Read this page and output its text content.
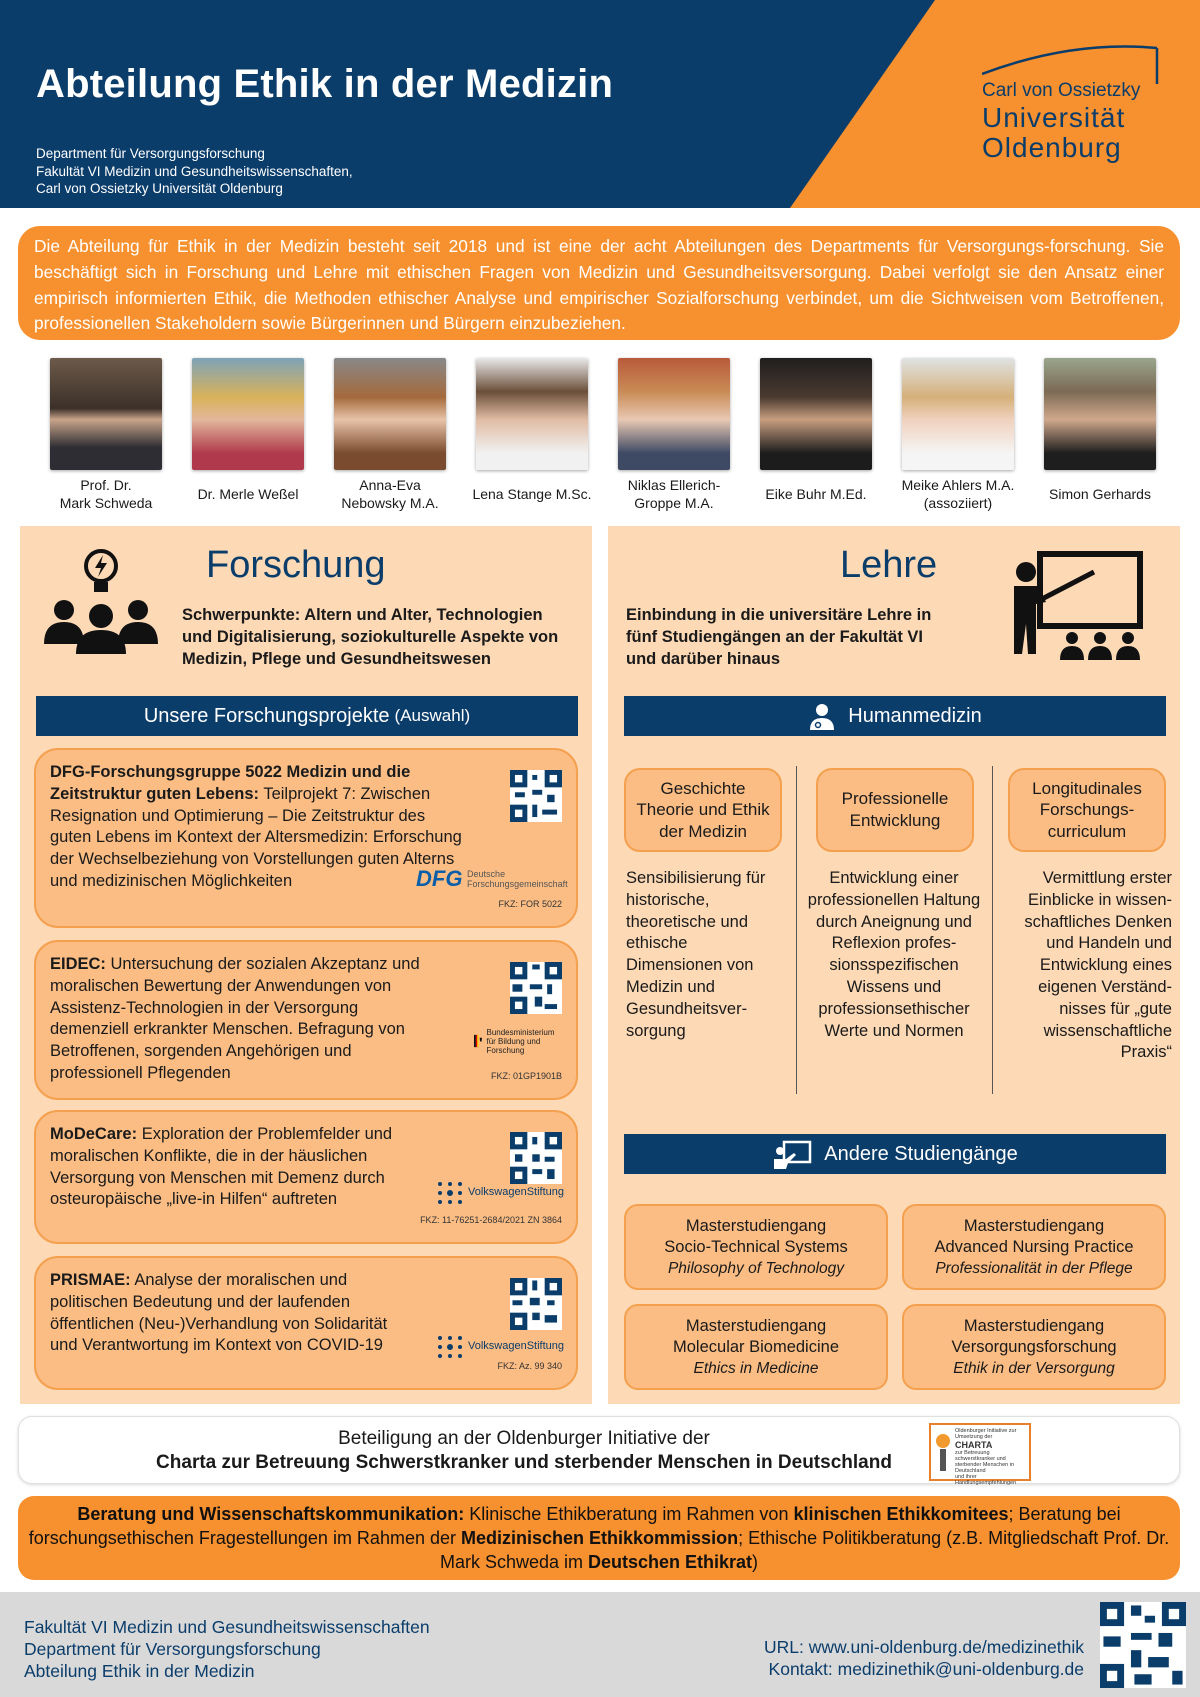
Abteilung Ethik in der Medizin
Department für Versorgungsforschung
Fakultät VI Medizin und Gesundheitswissenschaften,
Carl von Ossietzky Universität Oldenburg
Carl von Ossietzky
Universität
Oldenburg
Die Abteilung für Ethik in der Medizin besteht seit 2018 und ist eine der acht Abteilungen des Departments für Versorgungs-forschung. Sie beschäftigt sich in Forschung und Lehre mit ethischen Fragen von Medizin und Gesundheitsversorgung. Dabei verfolgt sie den Ansatz einer empirisch informierten Ethik, die Methoden ethischer Analyse und empirischer Sozialforschung verbindet, um die Sichtweisen vom Betroffenen, professionellen Stakeholdern sowie Bürgerinnen und Bürgern einzubeziehen.
Prof. Dr.
Mark Schweda
Dr. Merle Weßel
Anna-Eva
Nebowsky M.A.
Lena Stange M.Sc.
Niklas Ellerich-
Groppe M.A.
Eike Buhr M.Ed.
Meike Ahlers M.A.
(assoziiert)
Simon Gerhards
Forschung
Schwerpunkte: Altern und Alter, Technologien und Digitalisierung, soziokulturelle Aspekte von Medizin, Pflege und Gesundheitswesen
Unsere Forschungsprojekte (Auswahl)
DFG-Forschungsgruppe 5022 Medizin und die Zeitstruktur guten Lebens: Teilprojekt 7: Zwischen Resignation und Optimierung – Die Zeitstruktur des guten Lebens im Kontext der Altersmedizin: Erforschung der Wechselbeziehung von Vorstellungen guten Alterns und medizinischen Möglichkeiten	DFG Deutsche Forschungsgemeinschaft
FKZ: FOR 5022
EIDEC: Untersuchung der sozialen Akzeptanz und moralischen Bewertung der Anwendungen von Assistenz-Technologien in der Versorgung demenziell erkrankter Menschen. Befragung von Betroffenen, sorgenden Angehörigen und professionell Pflegenden
Bundesministerium für Bildung und Forschung
FKZ: 01GP1901B
MoDeCare: Exploration der Problemfelder und moralischen Konflikte, die in der häuslichen Versorgung von Menschen mit Demenz durch osteuropäische „live-in Hilfen“ auftreten	VolkswagenStiftung
FKZ: 11-76251-2684/2021 ZN 3864
PRISMAE: Analyse der moralischen und politischen Bedeutung und der laufenden öffentlichen (Neu-)Verhandlung von Solidarität und Verantwortung im Kontext von COVID-19	VolkswagenStiftung
FKZ: Az. 99 340
Lehre
Einbindung in die universitäre Lehre in fünf Studiengängen an der Fakultät VI und darüber hinaus
Humanmedizin
Geschichte Theorie und Ethik der Medizin
Professionelle Entwicklung
Longitudinales Forschungs-curriculum
Sensibilisierung für historische, theoretische und ethische Dimensionen von Medizin und Gesundheitsver-sorgung
Entwicklung einer professionellen Haltung durch Aneignung und Reflexion profes-sionsspezifischen Wissens und professionsethischer Werte und Normen
Vermittlung erster Einblicke in wissen-schaftliches Denken und Handeln und Entwicklung eines eigenen Verständ-nisses für „gute wissenschaftliche Praxis“
Andere Studiengänge
Masterstudiengang
Socio-Technical Systems
Philosophy of Technology
Masterstudiengang
Advanced Nursing Practice
Professionalität in der Pflege
Masterstudiengang
Molecular Biomedicine
Ethics in Medicine
Masterstudiengang
Versorgungsforschung
Ethik in der Versorgung
Beteiligung an der Oldenburger Initiative der
Charta zur Betreuung Schwerstkranker und sterbender Menschen in Deutschland
Oldenburger Initiative zur Umsetzung der
CHARTA
zur Betreuung schwerstkranker und sterbender Menschen in Deutschland
und ihrer Handlungsempfehlungen
Beratung und Wissenschaftskommunikation: Klinische Ethikberatung im Rahmen von klinischen Ethikkomitees; Beratung bei forschungsethischen Fragestellungen im Rahmen der Medizinischen Ethikkommission; Ethische Politikberatung (z.B. Mitgliedschaft Prof. Dr. Mark Schweda im Deutschen Ethikrat)
Fakultät VI Medizin und Gesundheitswissenschaften
Department für Versorgungsforschung
Abteilung Ethik in der Medizin
URL: www.uni-oldenburg.de/medizinethik
Kontakt: medizinethik@uni-oldenburg.de
